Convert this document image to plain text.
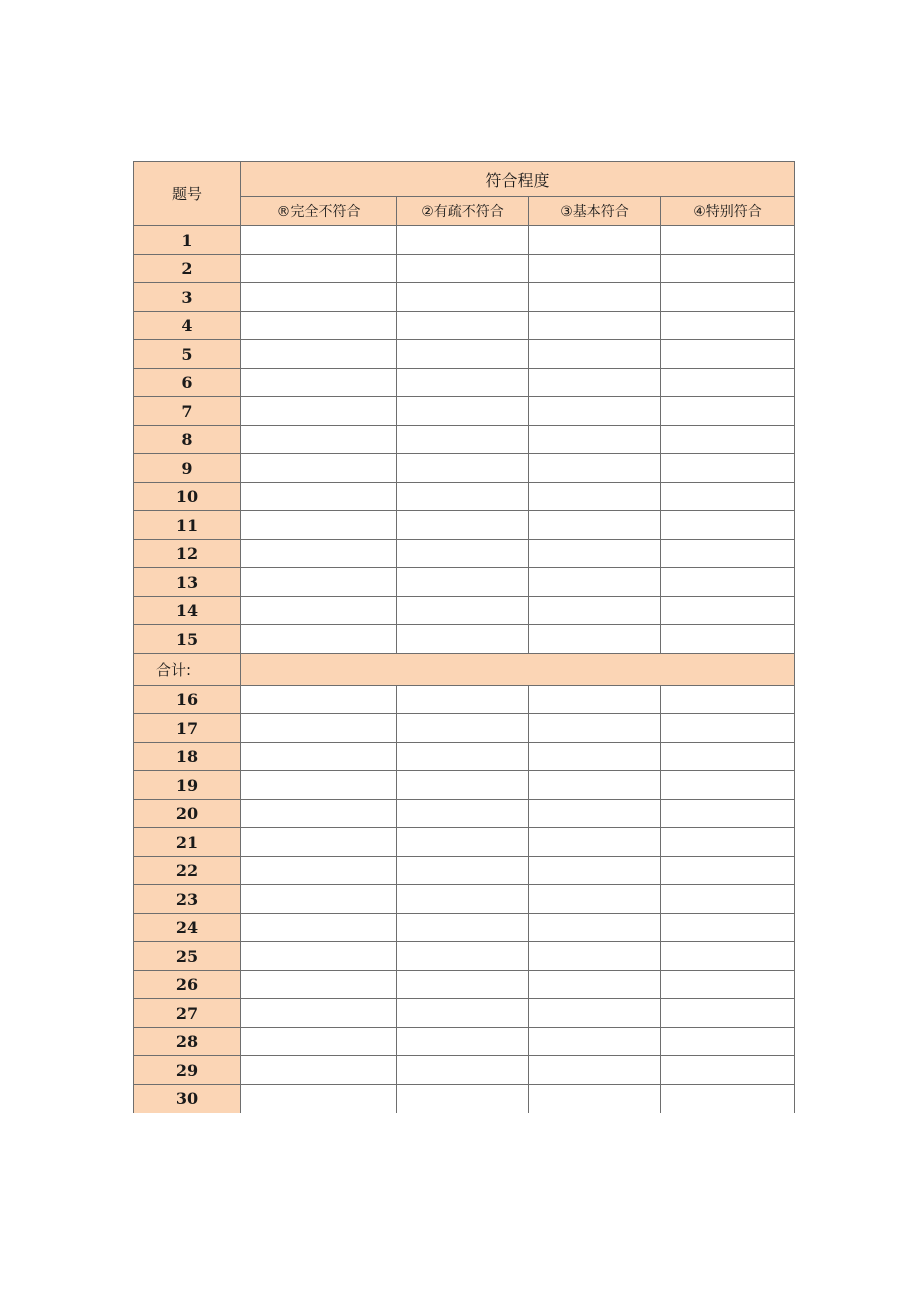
题号	符合程度			
	®完全不符合	②有疏不符合	③基本符合	④特别符合
1				
2				
3				
4				
5				
6				
7				
8				
9				
10				
11				
12				
13				
14				
15				
合计:				
16				
17				
18				
19				
20				
21				
22				
23				
24				
25				
26				
27				
28				
29				
30				
